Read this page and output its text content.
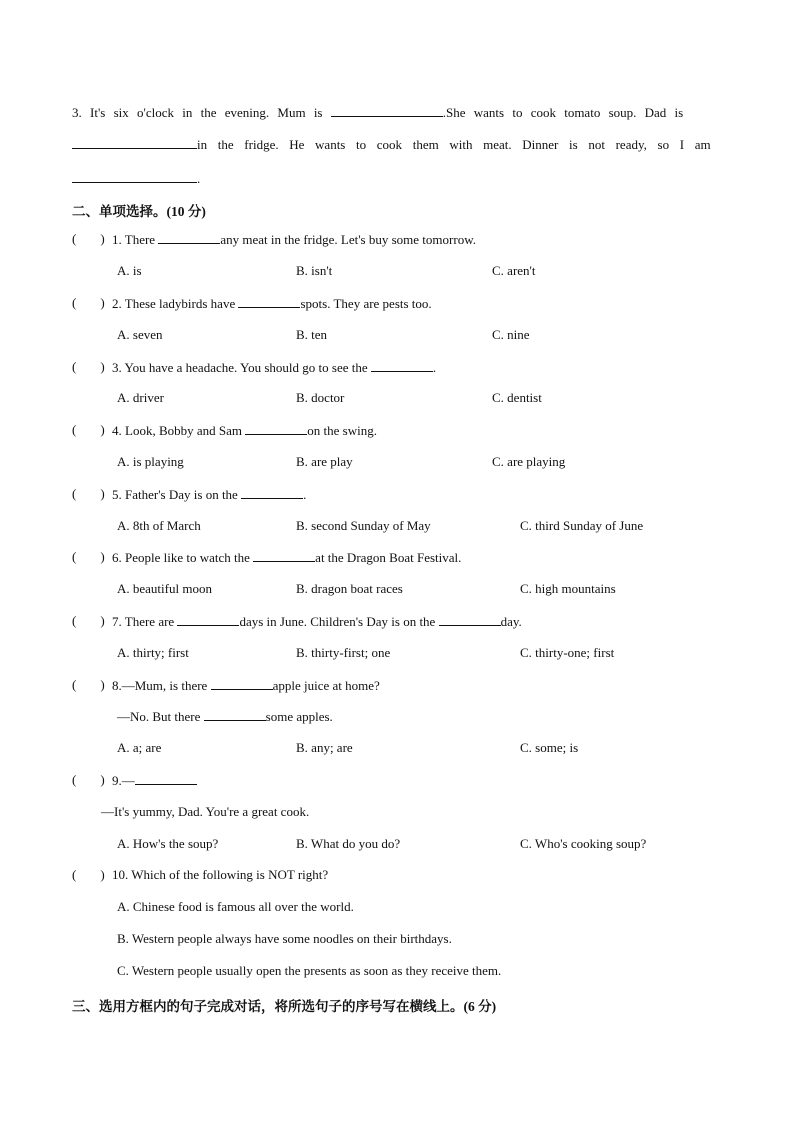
3. It's six o'clock in the evening. Mum is	.She wants to cook tomato soup. Dad is
in the fridge. He wants to cook them with meat. Dinner is not ready, so I am
.
二、单项选择。(10 分)
( ) 1. There	any meat in the fridge. Let's buy some tomorrow.
A. is	B. isn't	C. aren't
( ) 2. These ladybirds have	spots. They are pests too.
A. seven	B. ten	C. nine
( ) 3. You have a headache. You should go to see the	.
A. driver	B. doctor	C. dentist
( ) 4. Look, Bobby and Sam	on the swing.
A. is playing	B. are play	C. are playing
( ) 5. Father's Day is on the	.
A. 8th of March	B. second Sunday of May	C. third Sunday of June
( ) 6. People like to watch the	at the Dragon Boat Festival.
A. beautiful moon	B. dragon boat races	C. high mountains
( ) 7. There are	days in June. Children's Day is on the	day.
A. thirty; first	B. thirty-first; one	C. thirty-one; first
( ) 8.—Mum, is there	apple juice at home?
—No. But there	some apples.
A. a; are	B. any; are	C. some; is
( ) 9.—
—It's yummy, Dad. You're a great cook.
A. How's the soup?	B. What do you do?	C. Who's cooking soup?
( ) 10. Which of the following is NOT right?
A. Chinese food is famous all over the world.
B. Western people always have some noodles on their birthdays.
C. Western people usually open the presents as soon as they receive them.
三、选用方框内的句子完成对话，将所选句子的序号写在横线上。(6 分)
